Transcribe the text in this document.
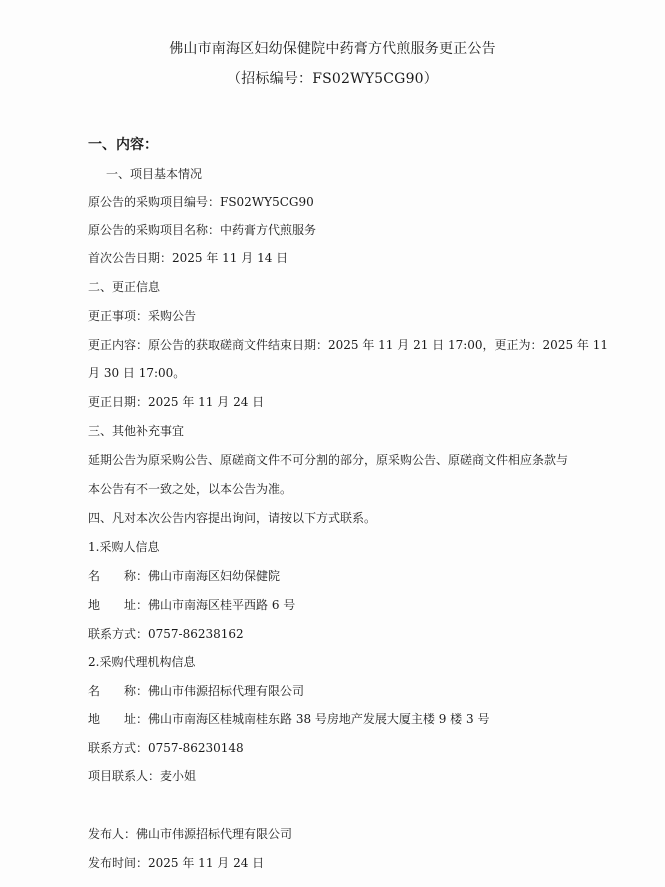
佛山市南海区妇幼保健院中药膏方代煎服务更正公告
（招标编号：FS02WY5CG90）
一、内容：
一、项目基本情况
原公告的采购项目编号：FS02WY5CG90
原公告的采购项目名称：中药膏方代煎服务
首次公告日期：2025 年 11 月 14 日
二、更正信息
更正事项：采购公告
更正内容：原公告的获取磋商文件结束日期：2025 年 11 月 21 日 17:00，更正为：2025 年 11
月 30 日 17:00。
更正日期：2025 年 11 月 24 日
三、其他补充事宜
延期公告为原采购公告、原磋商文件不可分割的部分，原采购公告、原磋商文件相应条款与
本公告有不一致之处，以本公告为准。
四、凡对本次公告内容提出询问，请按以下方式联系。
1.采购人信息
名　　称：佛山市南海区妇幼保健院
地　　址：佛山市南海区桂平西路 6 号
联系方式：0757-86238162
2.采购代理机构信息
名　　称：佛山市伟源招标代理有限公司
地　　址：佛山市南海区桂城南桂东路 38 号房地产发展大厦主楼 9 楼 3 号
联系方式：0757-86230148
项目联系人：麦小姐
发布人：佛山市伟源招标代理有限公司
发布时间：2025 年 11 月 24 日
